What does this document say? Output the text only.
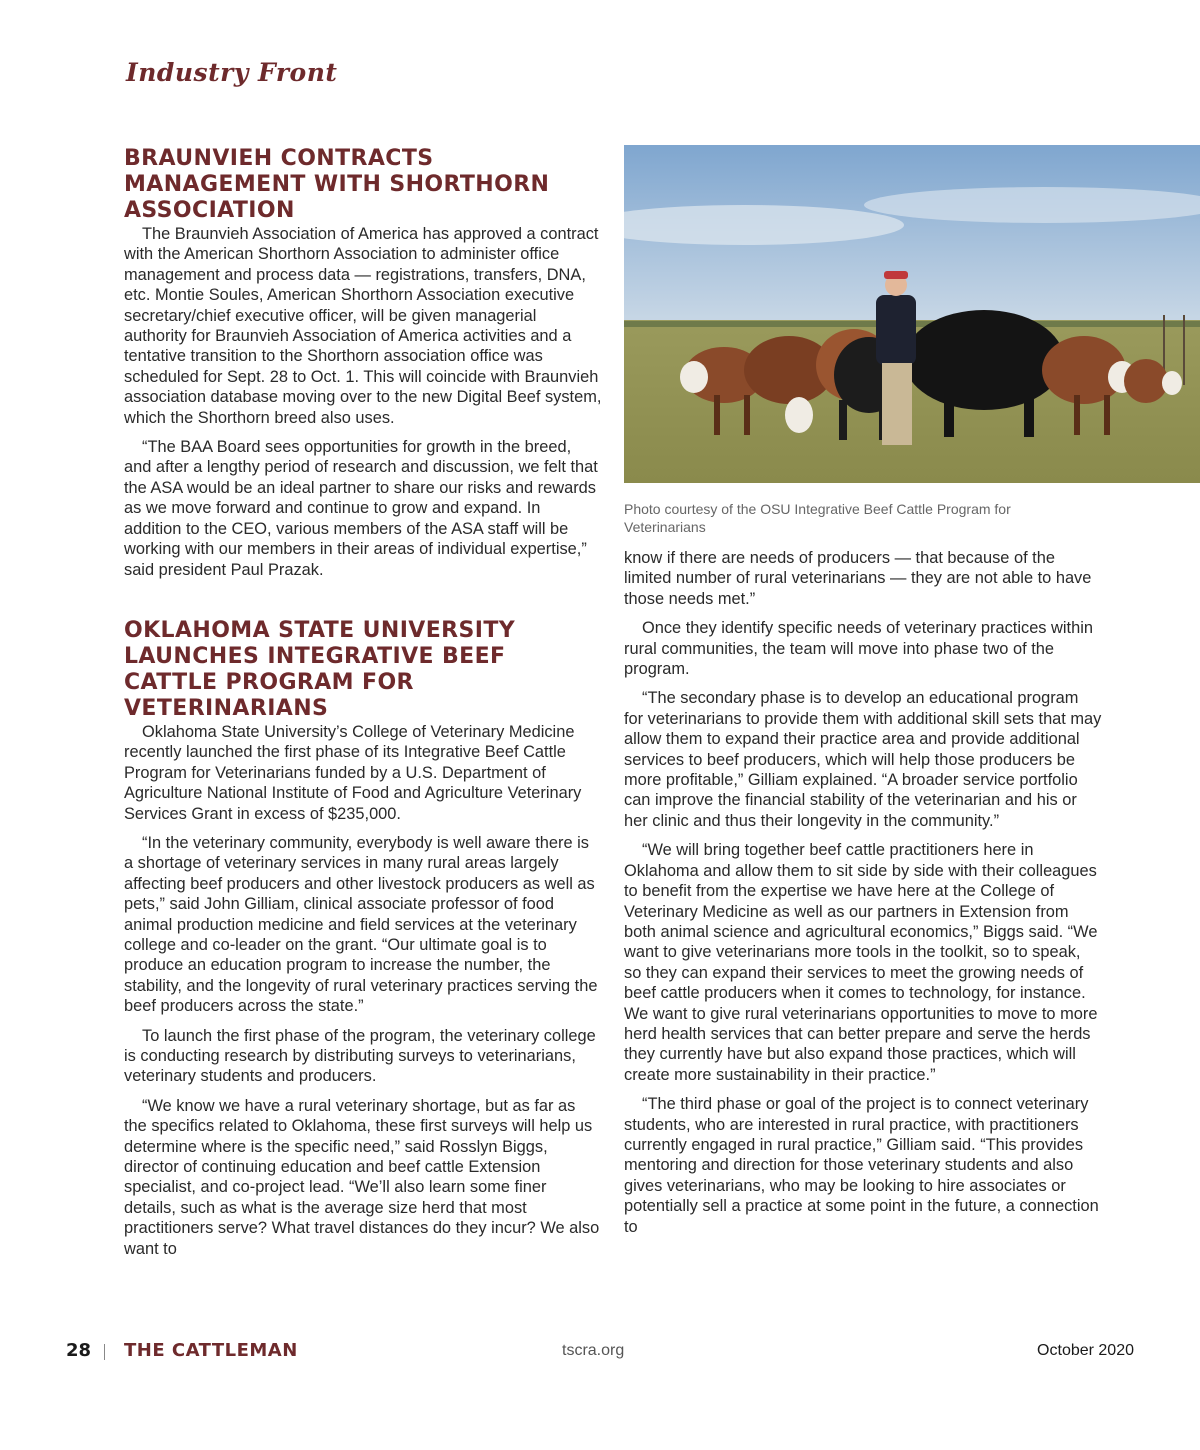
Industry Front
BRAUNVIEH CONTRACTS MANAGEMENT WITH SHORTHORN ASSOCIATION

The Braunvieh Association of America has approved a contract with the American Shorthorn Association to administer office management and process data — registrations, transfers, DNA, etc. Montie Soules, American Shorthorn Association executive secretary/chief executive officer, will be given managerial authority for Braunvieh Association of America activities and a tentative transition to the Shorthorn association office was scheduled for Sept. 28 to Oct. 1. This will coincide with Braunvieh association database moving over to the new Digital Beef system, which the Shorthorn breed also uses.

“The BAA Board sees opportunities for growth in the breed, and after a lengthy period of research and discussion, we felt that the ASA would be an ideal partner to share our risks and rewards as we move forward and continue to grow and expand. In addition to the CEO, various members of the ASA staff will be working with our members in their areas of individual expertise,” said president Paul Prazak.

OKLAHOMA STATE UNIVERSITY LAUNCHES INTEGRATIVE BEEF CATTLE PROGRAM FOR VETERINARIANS

Oklahoma State University’s College of Veterinary Medicine recently launched the first phase of its Integrative Beef Cattle Program for Veterinarians funded by a U.S. Department of Agriculture National Institute of Food and Agriculture Veterinary Services Grant in excess of $235,000.

“In the veterinary community, everybody is well aware there is a shortage of veterinary services in many rural areas largely affecting beef producers and other livestock producers as well as pets,” said John Gilliam, clinical associate professor of food animal production medicine and field services at the veterinary college and co-leader on the grant. “Our ultimate goal is to produce an education program to increase the number, the stability, and the longevity of rural veterinary practices serving the beef producers across the state.”

To launch the first phase of the program, the veterinary college is conducting research by distributing surveys to veterinarians, veterinary students and producers.

“We know we have a rural veterinary shortage, but as far as the specifics related to Oklahoma, these first surveys will help us determine where is the specific need,” said Rosslyn Biggs, director of continuing education and beef cattle Extension specialist, and co-project lead. “We’ll also learn some finer details, such as what is the average size herd that most practitioners serve? What travel distances do they incur? We also want to

Photo courtesy of the OSU Integrative Beef Cattle Program for Veterinarians

know if there are needs of producers — that because of the limited number of rural veterinarians — they are not able to have those needs met.”

Once they identify specific needs of veterinary practices within rural communities, the team will move into phase two of the program.

“The secondary phase is to develop an educational program for veterinarians to provide them with additional skill sets that may allow them to expand their practice area and provide additional services to beef producers, which will help those producers be more profitable,” Gilliam explained. “A broader service portfolio can improve the financial stability of the veterinarian and his or her clinic and thus their longevity in the community.”

“We will bring together beef cattle practitioners here in Oklahoma and allow them to sit side by side with their colleagues to benefit from the expertise we have here at the College of Veterinary Medicine as well as our partners in Extension from both animal science and agricultural economics,” Biggs said. “We want to give veterinarians more tools in the toolkit, so to speak, so they can expand their services to meet the growing needs of beef cattle producers when it comes to technology, for instance. We want to give rural veterinarians opportunities to move to more herd health services that can better prepare and serve the herds they currently have but also expand those practices, which will create more sustainability in their practice.”

“The third phase or goal of the project is to connect veterinary students, who are interested in rural practice, with practitioners currently engaged in rural practice,” Gilliam said. “This provides mentoring and direction for those veterinary students and also gives veterinarians, who may be looking to hire associates or potentially sell a practice at some point in the future, a connection to

28 THE CATTLEMAN	tscra.org	October 2020
